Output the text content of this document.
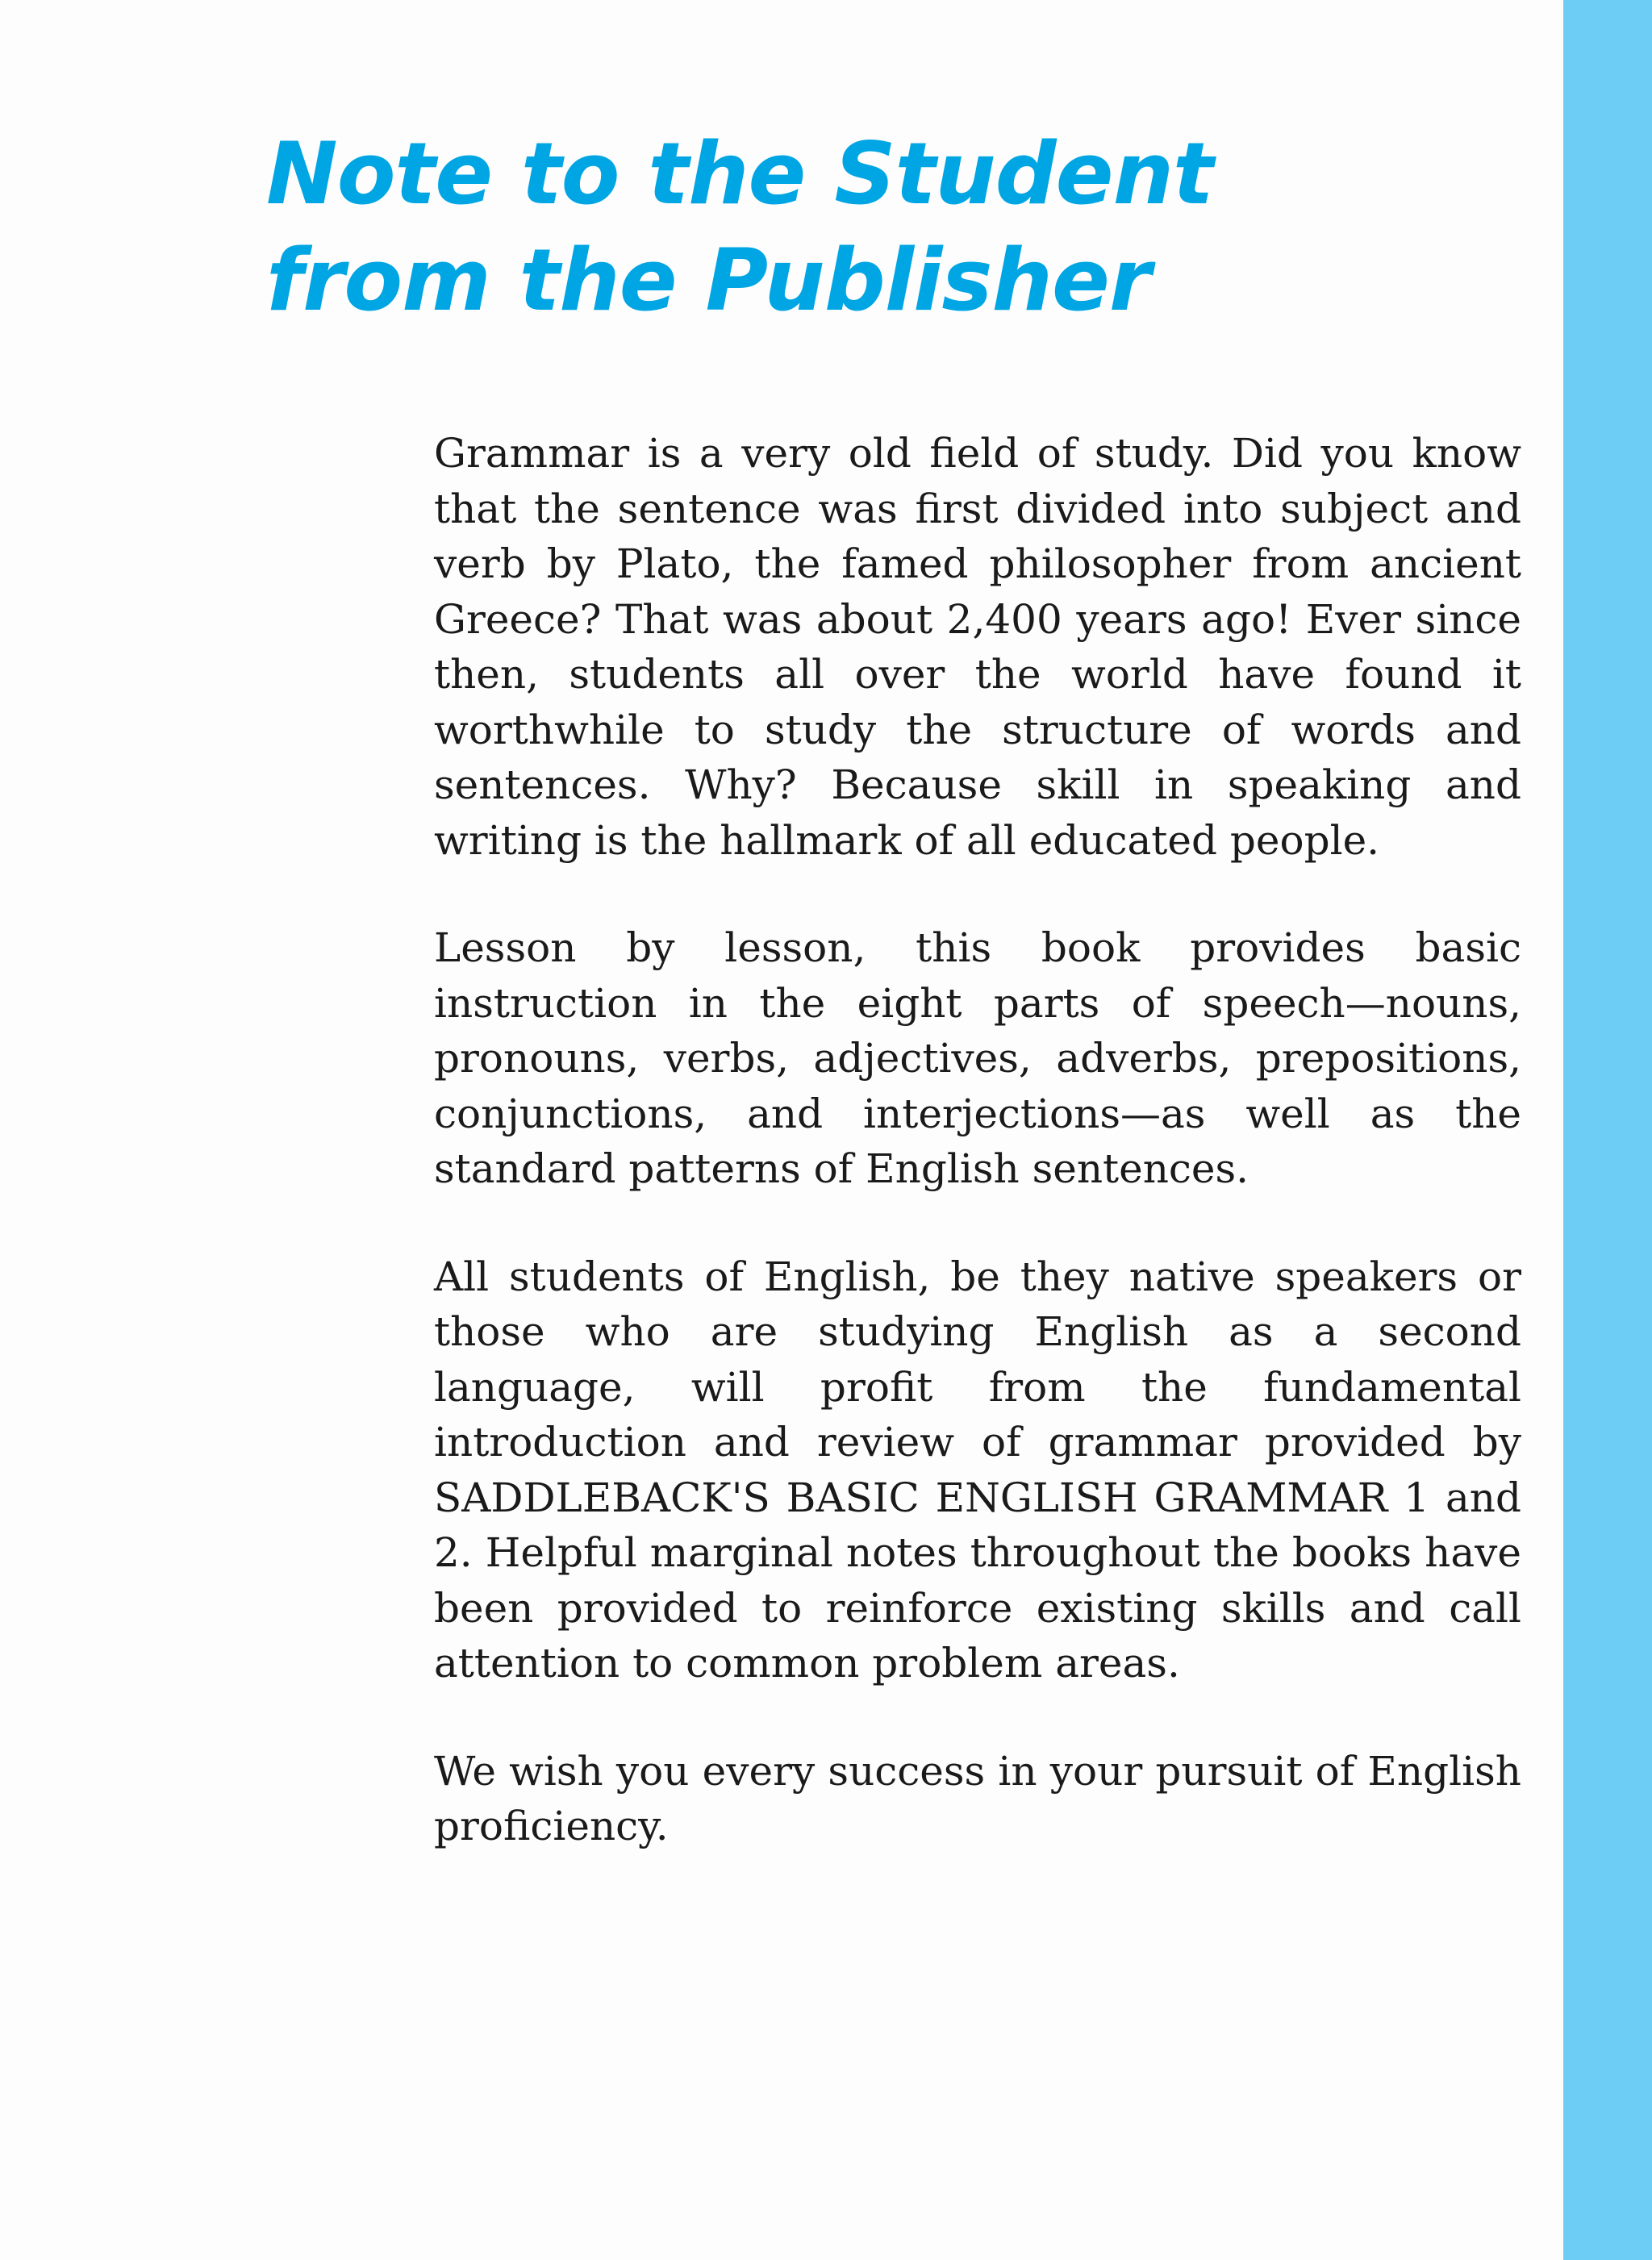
Note to the Student
from the Publisher

Grammar is a very old field of study. Did you know that the sentence was first divided into subject and verb by Plato, the famed philosopher from ancient Greece? That was about 2,400 years ago! Ever since then, students all over the world have found it worthwhile to study the structure of words and sentences. Why? Because skill in speaking and writing is the hallmark of all educated people.

Lesson by lesson, this book provides basic instruction in the eight parts of speech—nouns, pronouns, verbs, adjectives, adverbs, prepositions, conjunctions, and interjections—as well as the standard patterns of English sentences.

All students of English, be they native speakers or those who are studying English as a second language, will profit from the fundamental introduction and review of grammar provided by SADDLEBACK'S BASIC ENGLISH GRAMMAR 1 and 2. Helpful marginal notes throughout the books have been provided to reinforce existing skills and call attention to common problem areas.

We wish you every success in your pursuit of English proficiency.
